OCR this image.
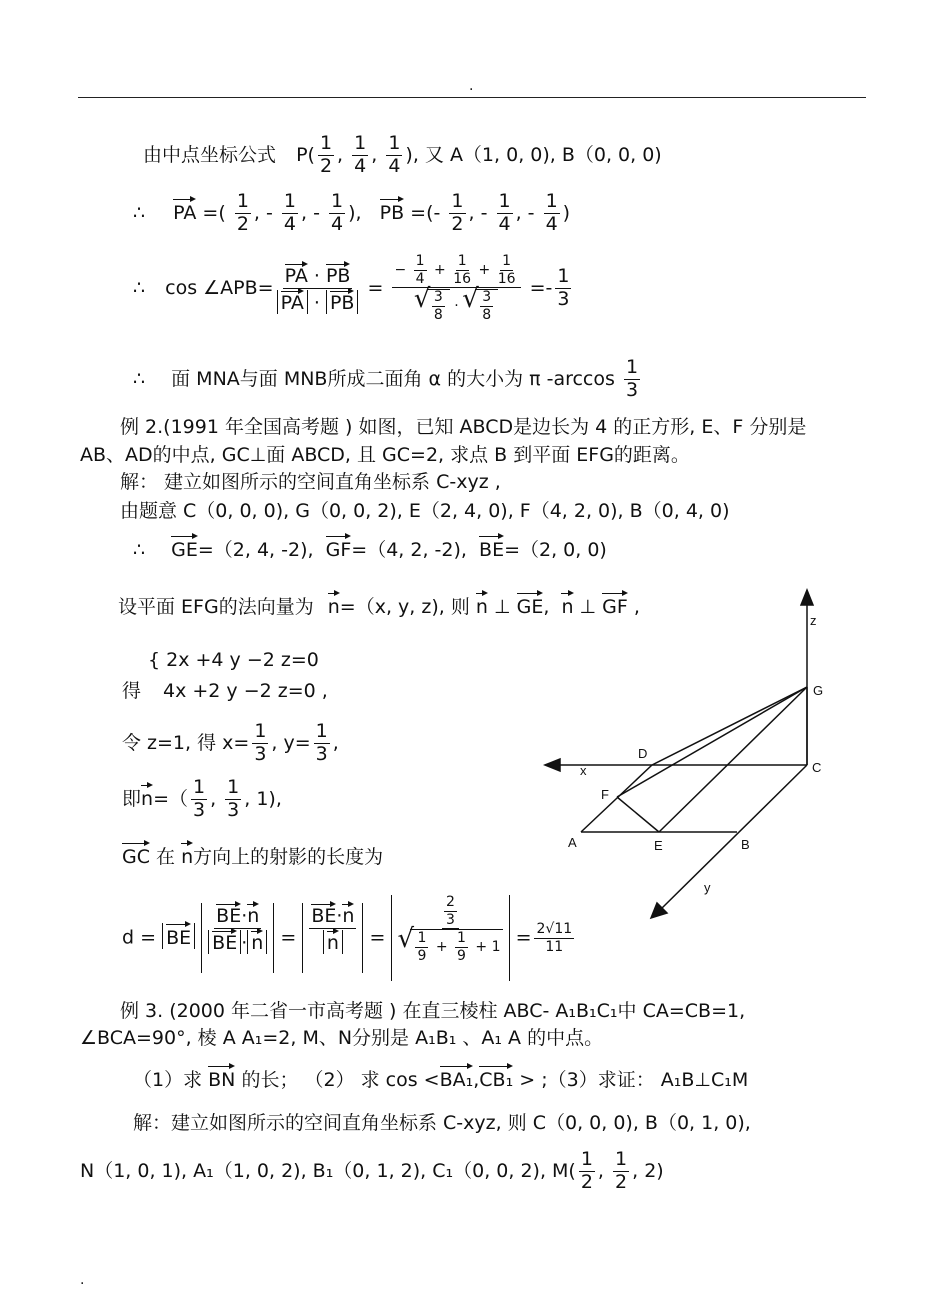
.
由中点坐标公式 $P( \frac{1}{2}$ , $\frac{1}{4}$ , $\frac{1}{4}$ ), 又 A（1, 0, 0), B（0, 0, 0)
∴ PA =( $\frac{1}{2}$ , - $\frac{1}{4}$ , - $\frac{1}{4}$ ),   PB =(- $\frac{1}{2}$ , - $\frac{1}{4}$ , - $\frac{1}{4}$ )
∴ cos ∠APB= $\frac{PA \cdot PB}{PA \cdot PB}$ = − $\frac{1}{4} + \frac{1}{16} + \frac{1}{16}$
√ $\frac{3}{8}$ ·
√ $\frac{3}{8} =- \frac{1}{3}$
∴ 面 MNA与面 MNB所成二面角 α 的大小为 π $-\arccos \frac{1}{3}$
例 2.(1991 年全国高考题 ) 如图，已知 ABCD是边长为 4 的正方形, E、F 分别是
AB、AD的中点, GC⊥面 ABCD, 且 GC=2, 求点 B 到平面 EFG的距离。
解： 建立如图所示的空间直角坐标系 C-xyz ,
由题意 C（0, 0, 0), G（0, 0, 2), E（2, 4, 0), F（4, 2, 0), B（0, 4, 0)
∴ GE=（2, 4, -2), GF=（4, 2, -2), BE=（2, 0, 0)
设平面 EFG的法向量为 n=（x, y, z), 则 n ⊥ GE,  n ⊥ GF ,
{ 2x +4 y −2 z=0
得 4x +2 y −2 z=0 ,
令 z=1, 得 $x= \frac{1}{3}$ , $y= \frac{1}{3}$ ,
即$n=( \frac{1}{3}$ , $\frac{1}{3}$ , 1),
GC 在 n方向上的射影的长度为
d = BE $\frac{BE\cdot n}{BE \cdot n} = \frac{BE\cdot n}{n} = \frac{2}{3}$
√ $\frac{1}{9} + \frac{1}{9} + 1 = \frac{2√11}{11}$
例 3. (2000 年二省一市高考题 ) 在直三棱柱 ABC- A₁B₁C₁中 CA=CB=1,
∠BCA=90°, 棱 A A₁=2, M、N分别是 A₁B₁ 、A₁ A 的中点。
（1）求 BN 的长； （2） 求 cos <BA₁,CB₁ > ;（3）求证： A₁B⊥C₁M
解：建立如图所示的空间直角坐标系 C-xyz, 则 C（0, 0, 0), B（0, 1, 0),
N（1, 0, 1), A₁（1, 0, 2), B₁（0, 1, 2), C₁（0, 0, 2), $M( \frac{1}{2}$ , $\frac{1}{2}$ , 2)
.
z
G
D
C
x
F
A	E	B
y
